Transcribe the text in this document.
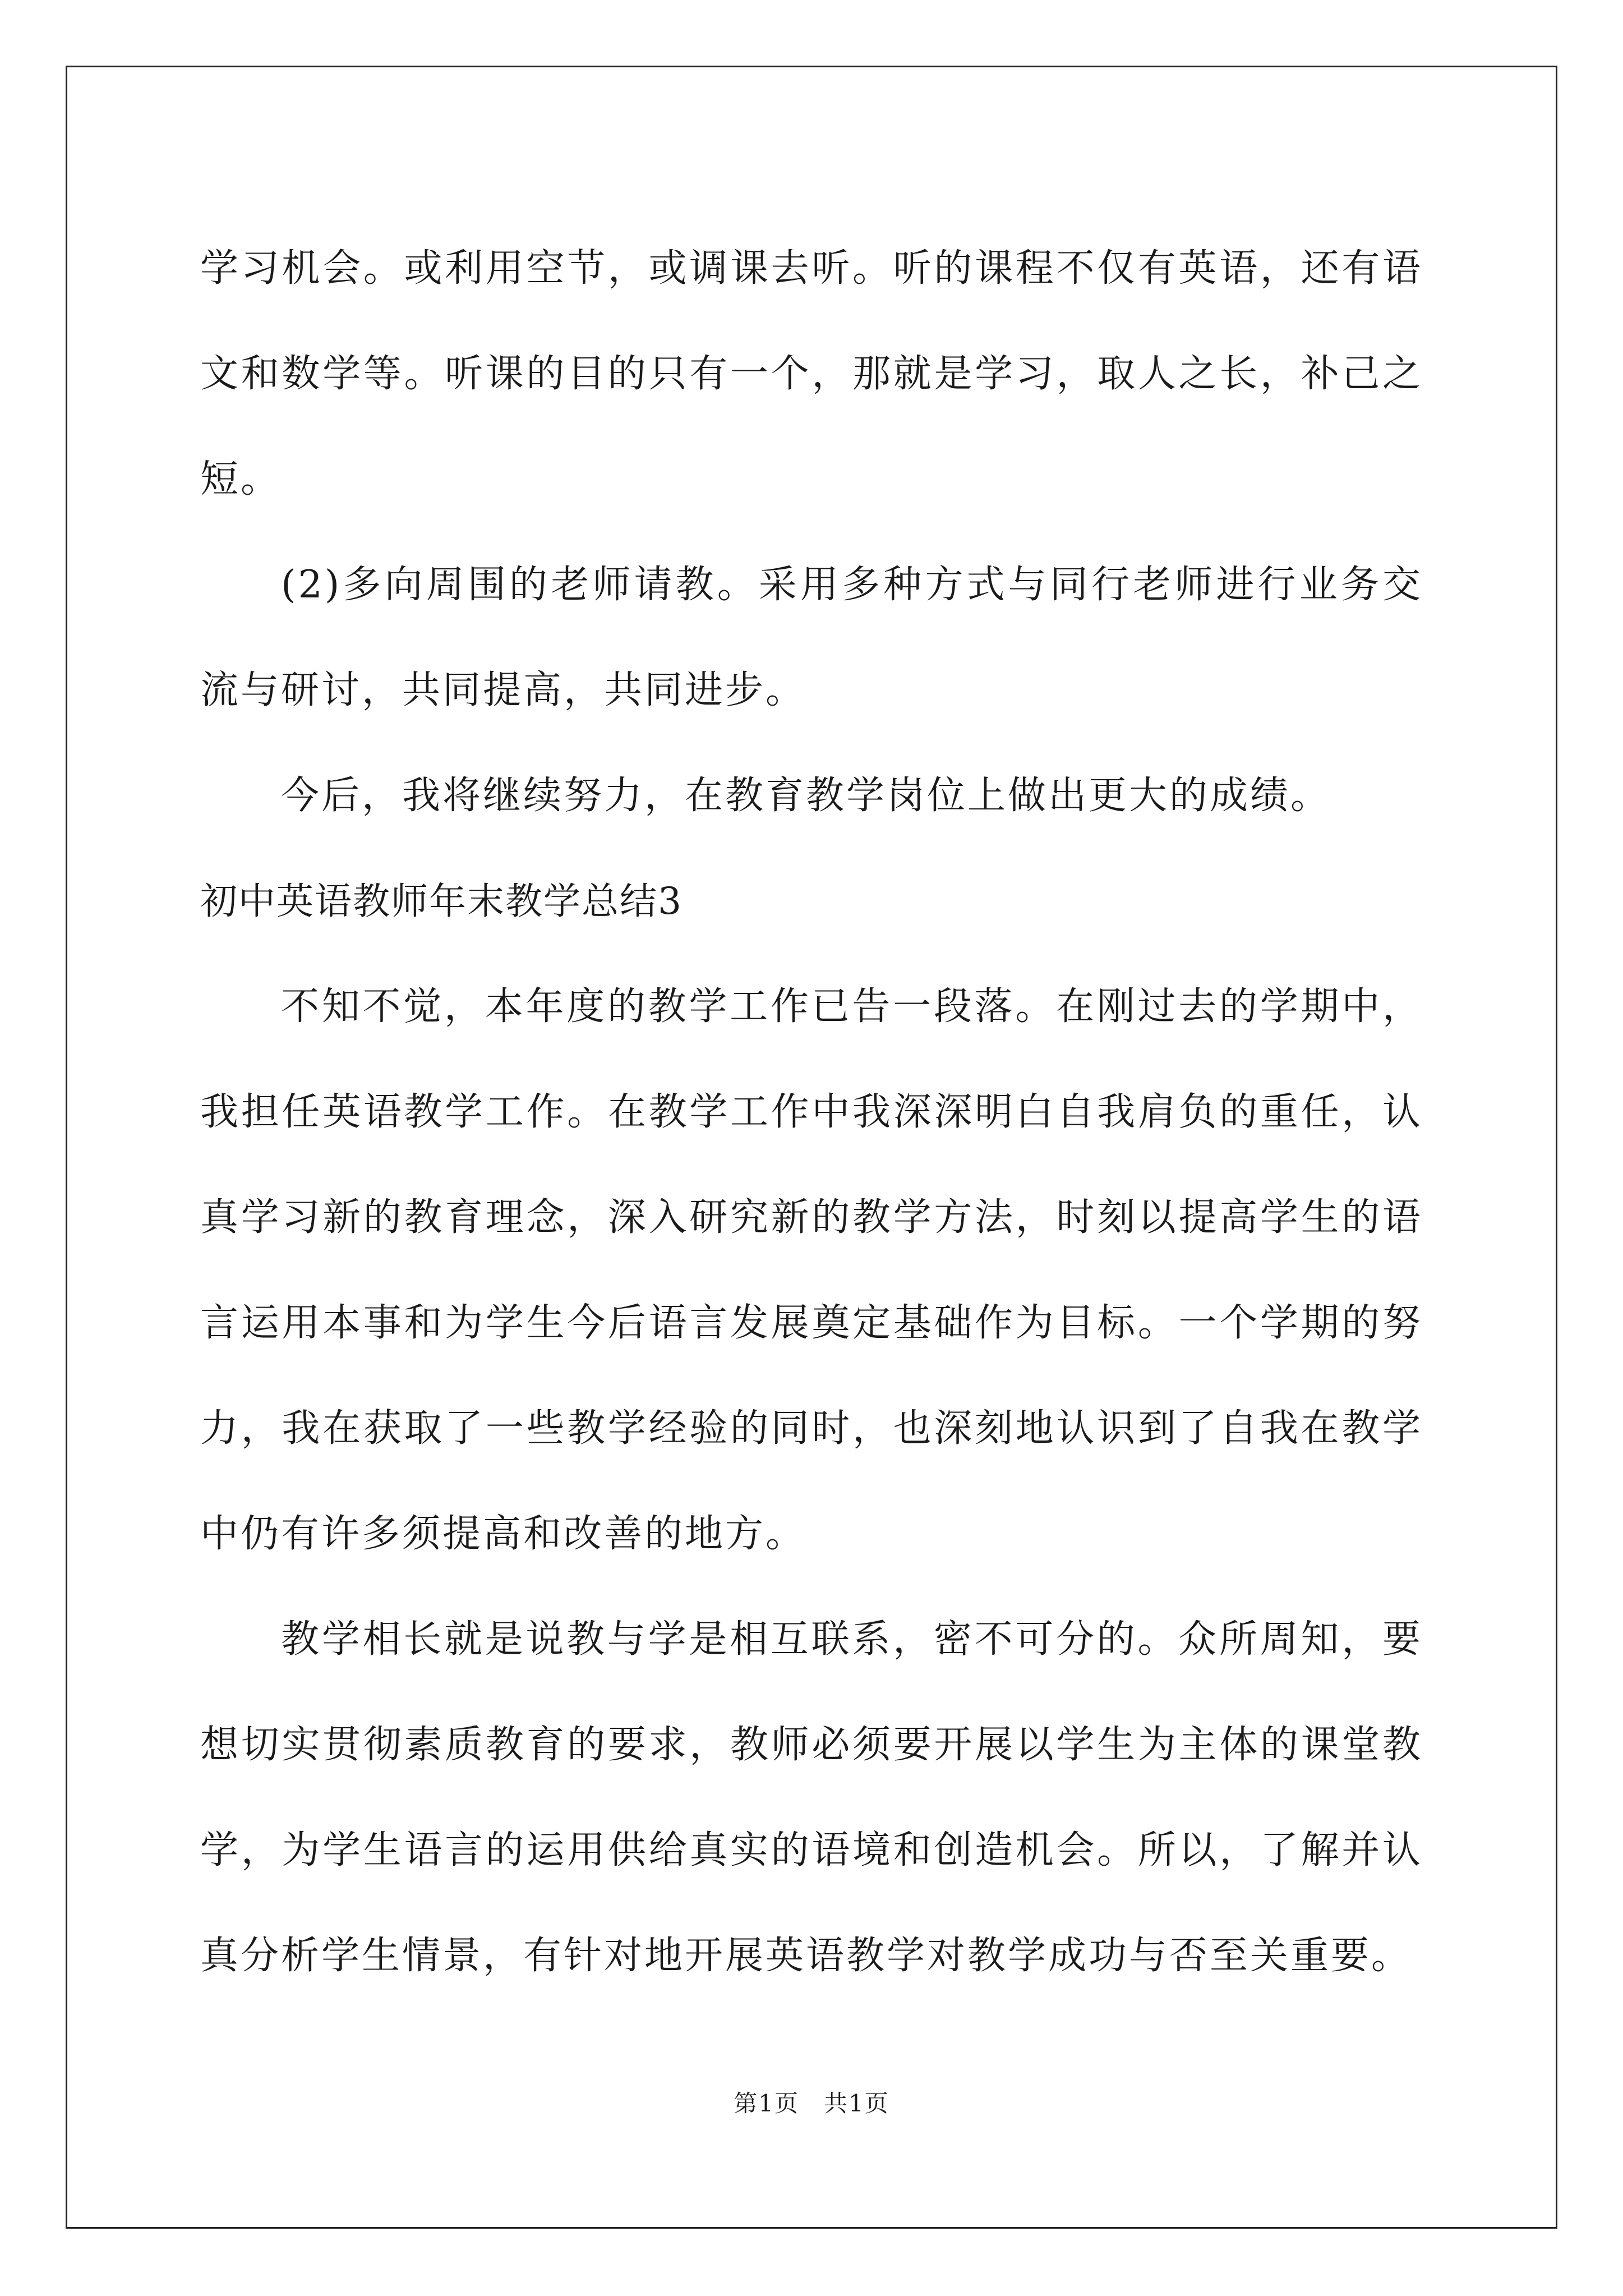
学习机会。或利用空节，或调课去听。听的课程不仅有英语，还有语文和数学等。听课的目的只有一个，那就是学习，取人之长，补己之短。

(2)多向周围的老师请教。采用多种方式与同行老师进行业务交流与研讨，共同提高，共同进步。

今后，我将继续努力，在教育教学岗位上做出更大的成绩。

初中英语教师年末教学总结3

不知不觉，本年度的教学工作已告一段落。在刚过去的学期中，我担任英语教学工作。在教学工作中我深深明白自我肩负的重任，认真学习新的教育理念，深入研究新的教学方法，时刻以提高学生的语言运用本事和为学生今后语言发展奠定基础作为目标。一个学期的努力，我在获取了一些教学经验的同时，也深刻地认识到了自我在教学中仍有许多须提高和改善的地方。

教学相长就是说教与学是相互联系，密不可分的。众所周知，要想切实贯彻素质教育的要求，教师必须要开展以学生为主体的课堂教学，为学生语言的运用供给真实的语境和创造机会。所以，了解并认真分析学生情景，有针对地开展英语教学对教学成功与否至关重要。

第1页　共1页
